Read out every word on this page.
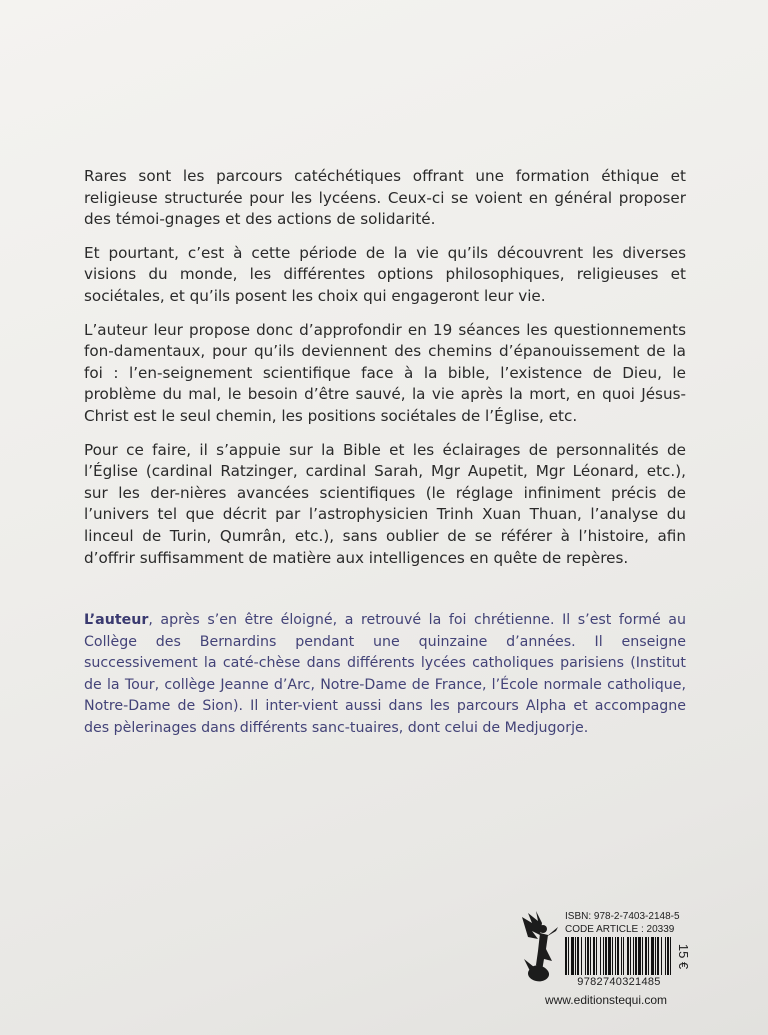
Rares sont les parcours catéchétiques offrant une formation éthique et religieuse structurée pour les lycéens. Ceux-ci se voient en général proposer des témoi-gnages et des actions de solidarité.

Et pourtant, c’est à cette période de la vie qu’ils découvrent les diverses visions du monde, les différentes options philosophiques, religieuses et sociétales, et qu’ils posent les choix qui engageront leur vie.

L’auteur leur propose donc d’approfondir en 19 séances les questionnements fon-damentaux, pour qu’ils deviennent des chemins d’épanouissement de la foi : l’en-seignement scientifique face à la bible, l’existence de Dieu, le problème du mal, le besoin d’être sauvé, la vie après la mort, en quoi Jésus-Christ est le seul chemin, les positions sociétales de l’Église, etc.

Pour ce faire, il s’appuie sur la Bible et les éclairages de personnalités de l’Église (cardinal Ratzinger, cardinal Sarah, Mgr Aupetit, Mgr Léonard, etc.), sur les der-nières avancées scientifiques (le réglage infiniment précis de l’univers tel que décrit par l’astrophysicien Trinh Xuan Thuan, l’analyse du linceul de Turin, Qumrân, etc.), sans oublier de se référer à l’histoire, afin d’offrir suffisamment de matière aux intelligences en quête de repères.

L’auteur, après s’en être éloigné, a retrouvé la foi chrétienne. Il s’est formé au Collège des Bernardins pendant une quinzaine d’années. Il enseigne successivement la caté-chèse dans différents lycées catholiques parisiens (Institut de la Tour, collège Jeanne d’Arc, Notre-Dame de France, l’École normale catholique, Notre-Dame de Sion). Il inter-vient aussi dans les parcours Alpha et accompagne des pèlerinages dans différents sanc-tuaires, dont celui de Medjugorje.

ISBN: 978-2-7403-2148-5
CODE ARTICLE : 20339
9782740321485
15 €
www.editionstequi.com
